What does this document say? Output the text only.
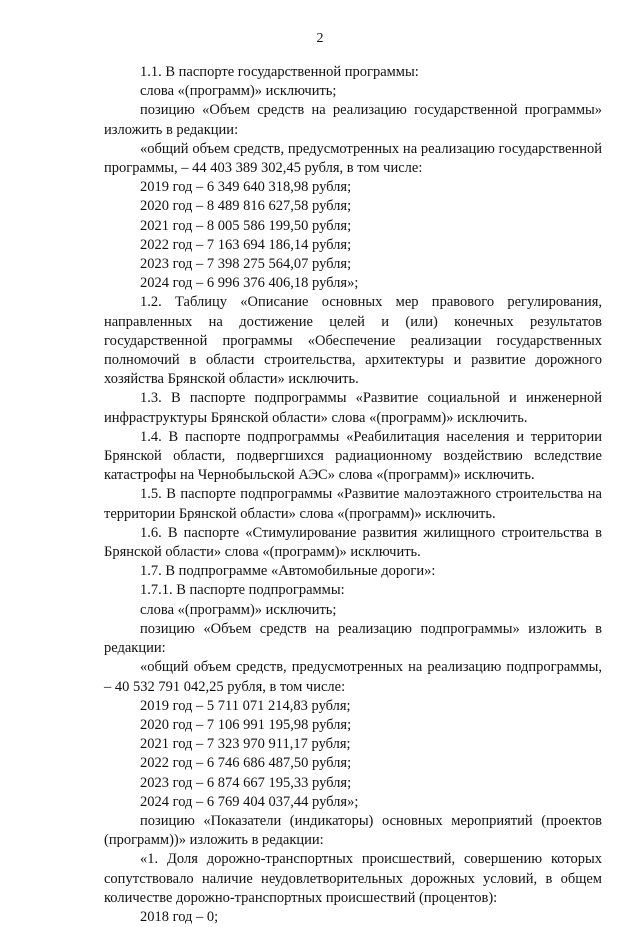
2

1.1. В паспорте государственной программы:

слова «(программ)» исключить;

позицию «Объем средств на реализацию государственной программы» изложить в редакции:

«общий объем средств, предусмотренных на реализацию государственной программы, – 44 403 389 302,45 рубля, в том числе:

2019 год – 6 349 640 318,98 рубля;

2020 год – 8 489 816 627,58 рубля;

2021 год – 8 005 586 199,50 рубля;

2022 год – 7 163 694 186,14 рубля;

2023 год – 7 398 275 564,07 рубля;

2024 год – 6 996 376 406,18 рубля»;

1.2. Таблицу «Описание основных мер правового регулирования, направленных на достижение целей и (или) конечных результатов государственной программы «Обеспечение реализации государственных полномочий в области строительства, архитектуры и развитие дорожного хозяйства Брянской области» исключить.

1.3. В паспорте подпрограммы «Развитие социальной и инженерной инфраструктуры Брянской области» слова «(программ)» исключить.

1.4. В паспорте подпрограммы «Реабилитация населения и территории Брянской области, подвергшихся радиационному воздействию вследствие катастрофы на Чернобыльской АЭС» слова «(программ)» исключить.

1.5. В паспорте подпрограммы «Развитие малоэтажного строительства на территории Брянской области» слова «(программ)» исключить.

1.6. В паспорте «Стимулирование развития жилищного строительства в Брянской области» слова «(программ)» исключить.

1.7. В подпрограмме «Автомобильные дороги»:

1.7.1. В паспорте подпрограммы:

слова «(программ)» исключить;

позицию «Объем средств на реализацию подпрограммы» изложить в редакции:

«общий объем средств, предусмотренных на реализацию подпрограммы, – 40 532 791 042,25 рубля, в том числе:

2019 год – 5 711 071 214,83 рубля;

2020 год – 7 106 991 195,98 рубля;

2021 год – 7 323 970 911,17 рубля;

2022 год – 6 746 686 487,50 рубля;

2023 год – 6 874 667 195,33 рубля;

2024 год – 6 769 404 037,44 рубля»;

позицию «Показатели (индикаторы) основных мероприятий (проектов (программ))» изложить в редакции:

«1. Доля дорожно-транспортных происшествий, совершению которых сопутствовало наличие неудовлетворительных дорожных условий, в общем количестве дорожно-транспортных происшествий (процентов):

2018 год – 0;
